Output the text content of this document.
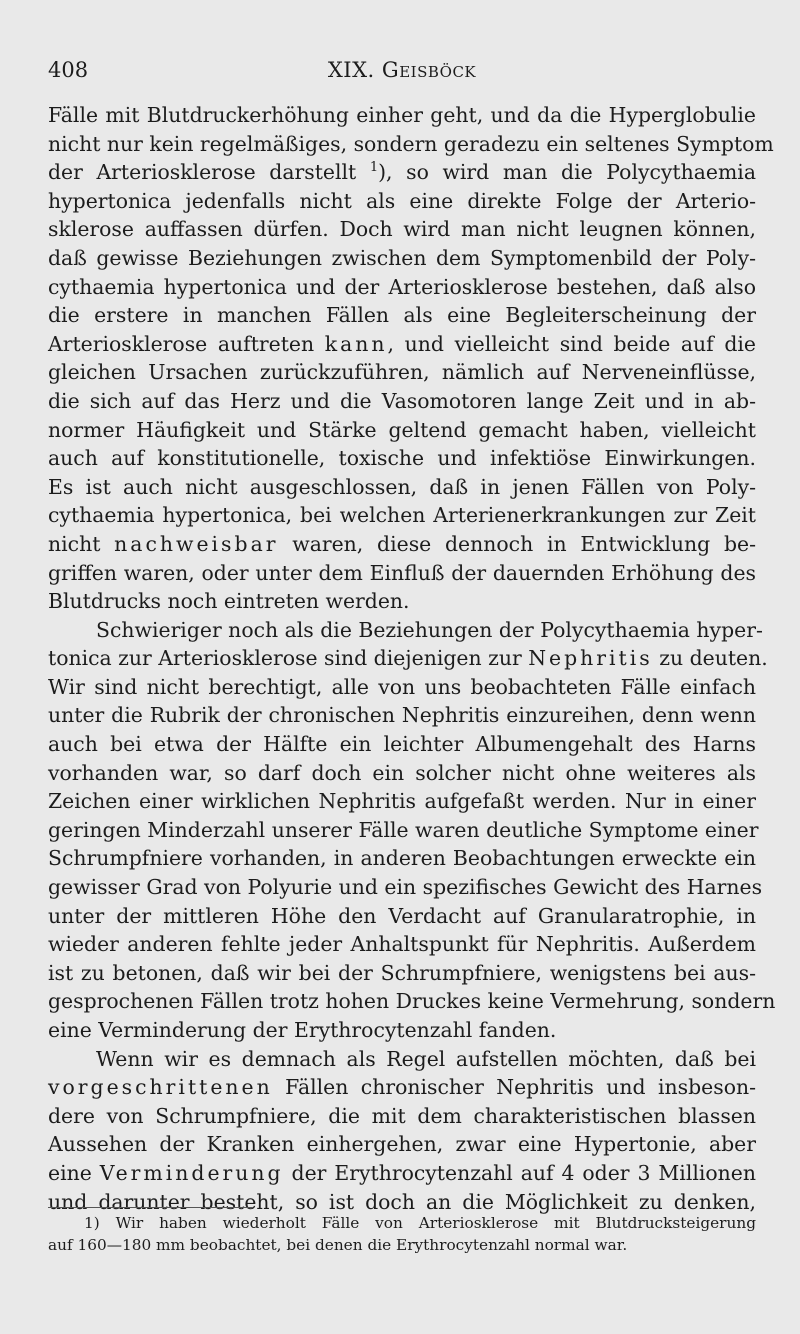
408	XIX. Geisböck
Fälle mit Blutdruckerhöhung einher geht, und da die Hyperglobulie
nicht nur kein regelmäßiges, sondern geradezu ein seltenes Symptom
der Arteriosklerose darstellt $^1$), so wird man die Polycythaemia
hypertonica jedenfalls nicht als eine direkte Folge der Arterio-
sklerose auffassen dürfen. Doch wird man nicht leugnen können,
daß gewisse Beziehungen zwischen dem Symptomenbild der Poly-
cythaemia hypertonica und der Arteriosklerose bestehen, daß also
die erstere in manchen Fällen als eine Begleiterscheinung der
Arteriosklerose auftreten kann, und vielleicht sind beide auf die
gleichen Ursachen zurückzuführen, nämlich auf Nerveneinflüsse,
die sich auf das Herz und die Vasomotoren lange Zeit und in ab-
normer Häufigkeit und Stärke geltend gemacht haben, vielleicht
auch auf konstitutionelle, toxische und infektiöse Einwirkungen.
Es ist auch nicht ausgeschlossen, daß in jenen Fällen von Poly-
cythaemia hypertonica, bei welchen Arterienerkrankungen zur Zeit
nicht nachweisbar waren, diese dennoch in Entwicklung be-
griffen waren, oder unter dem Einfluß der dauernden Erhöhung des
Blutdrucks noch eintreten werden.
Schwieriger noch als die Beziehungen der Polycythaemia hyper-
tonica zur Arteriosklerose sind diejenigen zur Nephritis zu deuten.
Wir sind nicht berechtigt, alle von uns beobachteten Fälle einfach
unter die Rubrik der chronischen Nephritis einzureihen, denn wenn
auch bei etwa der Hälfte ein leichter Albumengehalt des Harns
vorhanden war, so darf doch ein solcher nicht ohne weiteres als
Zeichen einer wirklichen Nephritis aufgefaßt werden. Nur in einer
geringen Minderzahl unserer Fälle waren deutliche Symptome einer
Schrumpfniere vorhanden, in anderen Beobachtungen erweckte ein
gewisser Grad von Polyurie und ein spezifisches Gewicht des Harnes
unter der mittleren Höhe den Verdacht auf Granularatrophie, in
wieder anderen fehlte jeder Anhaltspunkt für Nephritis. Außerdem
ist zu betonen, daß wir bei der Schrumpfniere, wenigstens bei aus-
gesprochenen Fällen trotz hohen Druckes keine Vermehrung, sondern
eine Verminderung der Erythrocytenzahl fanden.
Wenn wir es demnach als Regel aufstellen möchten, daß bei
vorgeschrittenen Fällen chronischer Nephritis und insbeson-
dere von Schrumpfniere, die mit dem charakteristischen blassen
Aussehen der Kranken einhergehen, zwar eine Hypertonie, aber
eine Verminderung der Erythrocytenzahl auf 4 oder 3 Millionen
und darunter besteht, so ist doch an die Möglichkeit zu denken,
1) Wir haben wiederholt Fälle von Arteriosklerose mit Blutdrucksteigerung
auf 160—180 mm beobachtet, bei denen die Erythrocytenzahl normal war.
